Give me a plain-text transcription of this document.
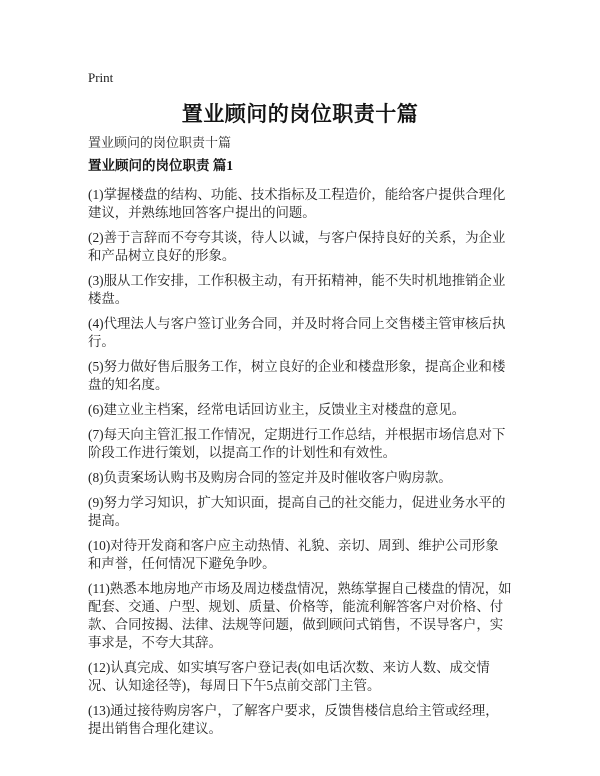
Print
置业顾问的岗位职责十篇

置业顾问的岗位职责十篇

置业顾问的岗位职责 篇1

(1)掌握楼盘的结构、功能、技术指标及工程造价，能给客户提供合理化建议，并熟练地回答客户提出的问题。

(2)善于言辞而不夸夸其谈，待人以诚，与客户保持良好的关系，为企业和产品树立良好的形象。

(3)服从工作安排，工作积极主动，有开拓精神，能不失时机地推销企业楼盘。

(4)代理法人与客户签订业务合同，并及时将合同上交售楼主管审核后执行。

(5)努力做好售后服务工作，树立良好的企业和楼盘形象，提高企业和楼盘的知名度。

(6)建立业主档案，经常电话回访业主，反馈业主对楼盘的意见。

(7)每天向主管汇报工作情况，定期进行工作总结，并根据市场信息对下阶段工作进行策划，以提高工作的计划性和有效性。

(8)负责案场认购书及购房合同的签定并及时催收客户购房款。

(9)努力学习知识，扩大知识面，提高自己的社交能力，促进业务水平的提高。

(10)对待开发商和客户应主动热情、礼貌、亲切、周到、维护公司形象和声誉，任何情况下避免争吵。

(11)熟悉本地房地产市场及周边楼盘情况，熟练掌握自己楼盘的情况，如配套、交通、户型、规划、质量、价格等，能流利解答客户对价格、付款、合同按揭、法律、法规等问题，做到顾问式销售，不误导客户，实事求是，不夸大其辞。

(12)认真完成、如实填写客户登记表(如电话次数、来访人数、成交情况、认知途径等)，每周日下午5点前交部门主管。

(13)通过接待购房客户，了解客户要求，反馈售楼信息给主管或经理，提出销售合理化建议。
